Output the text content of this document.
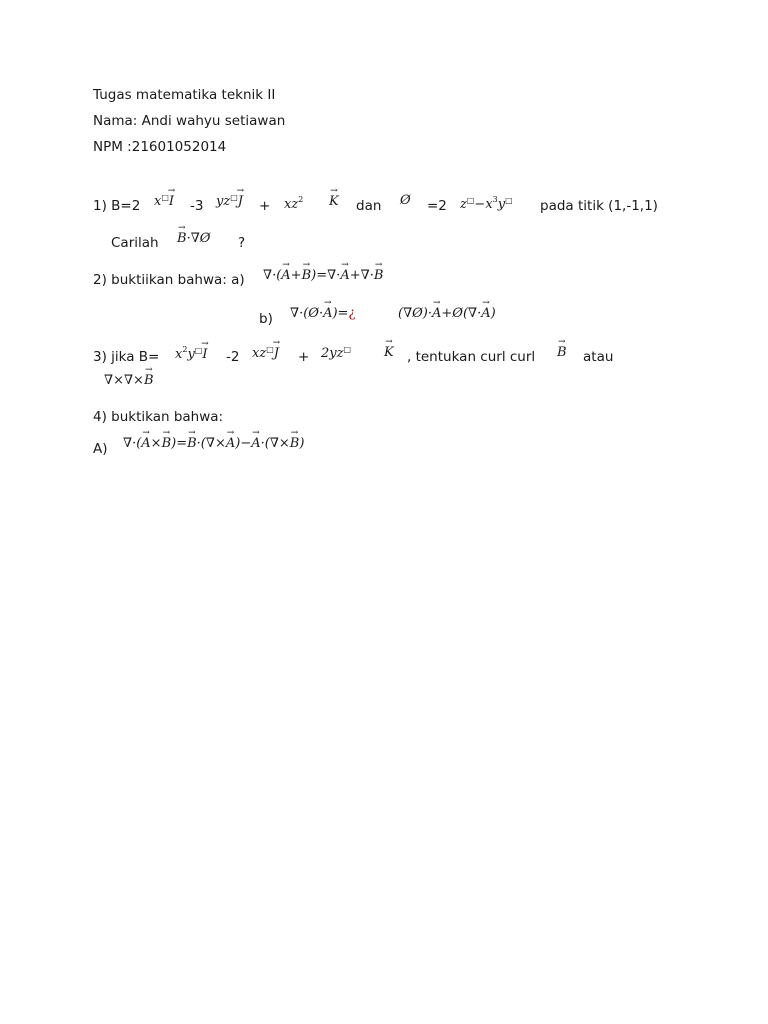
Tugas matematika teknik II
Nama: Andi wahyu setiawan
NPM :21601052014
1) B=2 x□I → -3 yz□J → + $xz^2$ K → dan Ø =2 $z^□-x^3y^□$ pada titik (1,-1,1)
Carilah B →·∇Ø ?
2) buktiikan bahwa: a) ∇·(A →+B →)=∇·A →+∇·B →
b) ∇·(Ø·A →)=¿	(∇Ø)·A →+Ø(∇·A →)
3) jika $B= x^2y^□I \to -2$ xz□J → + 2yz□	K → , tentukan curl curl B → atau
∇×∇×B →
4) buktikan bahwa:
A) ∇·(A →×B →)=B →·(∇×A →)−A →·(∇×B →)
